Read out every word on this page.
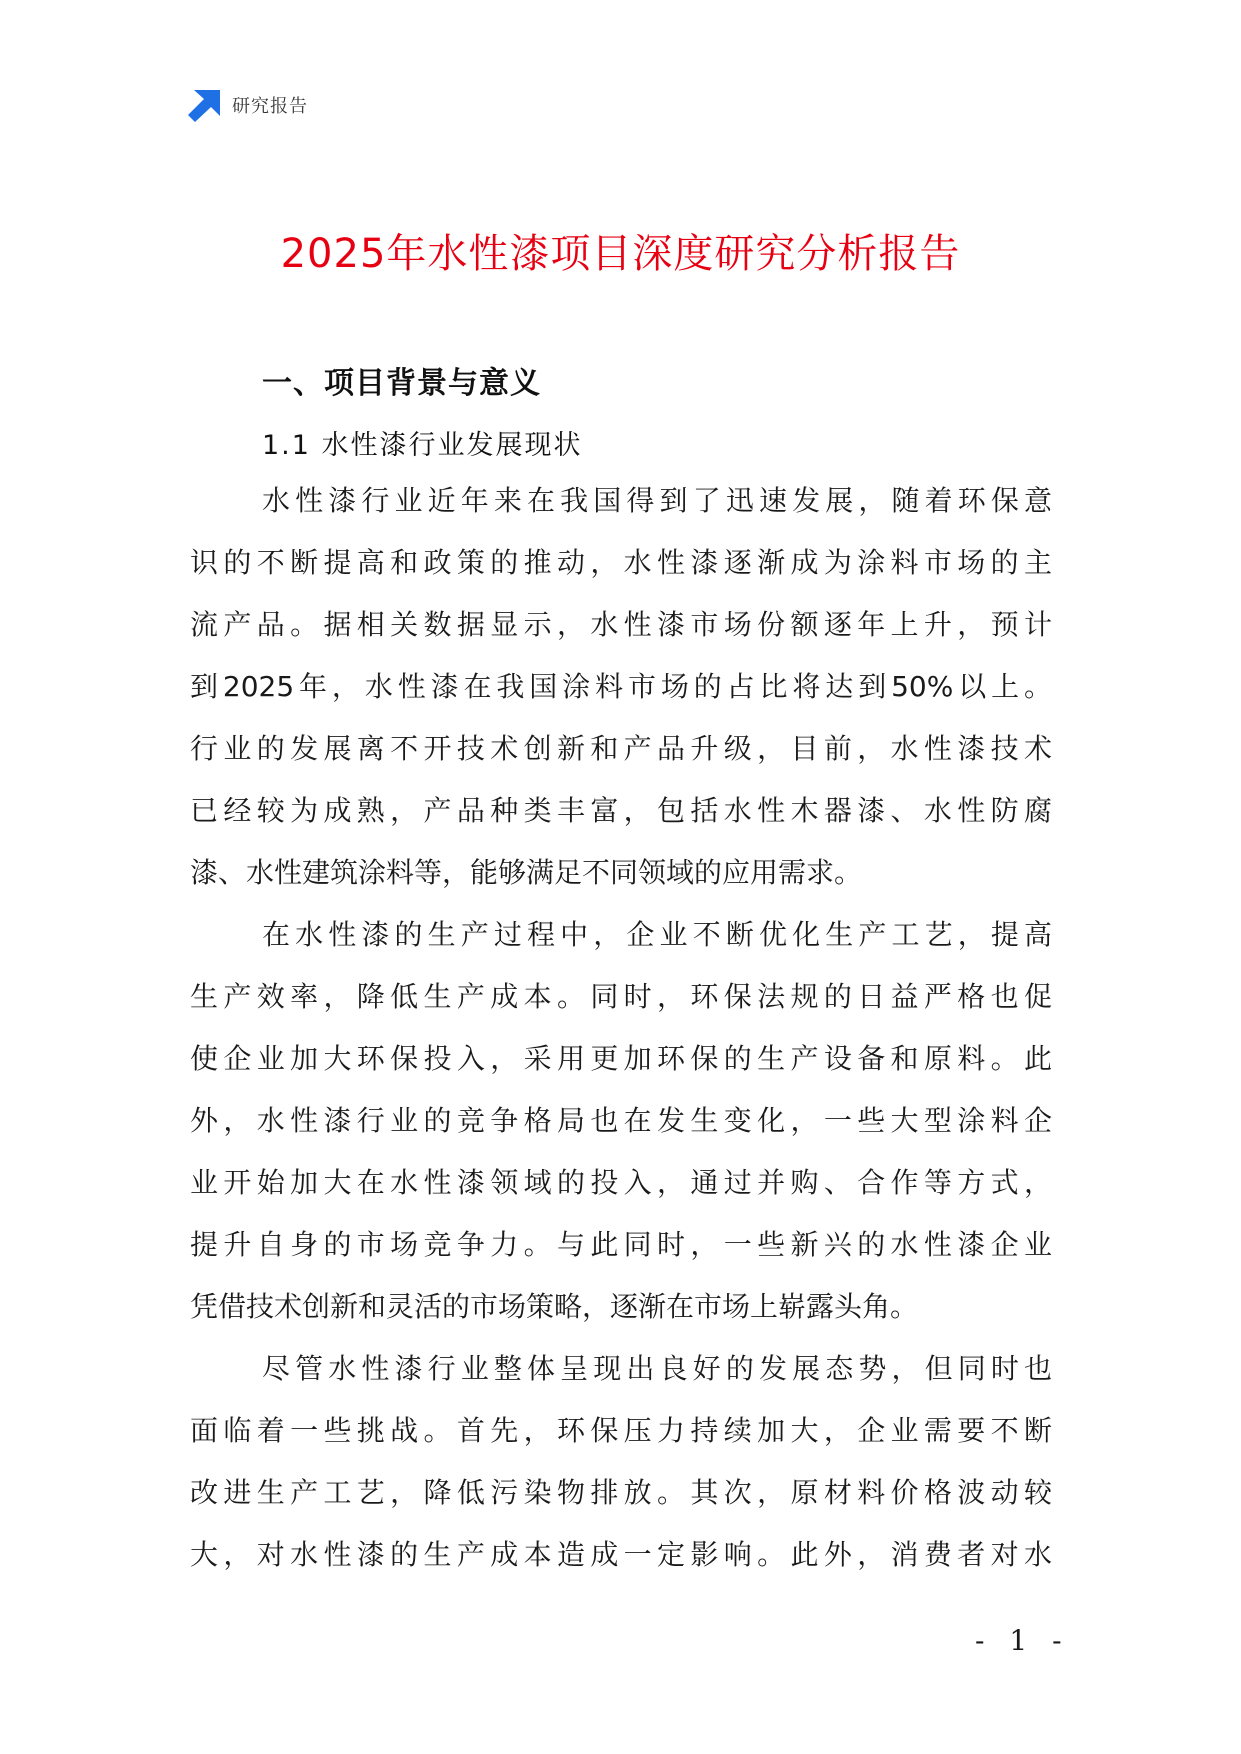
研究报告
2025年水性漆项目深度研究分析报告
一、项目背景与意义
1.1 水性漆行业发展现状
水性漆行业近年来在我国得到了迅速发展，随着环保意
识的不断提高和政策的推动，水性漆逐渐成为涂料市场的主
流产品。据相关数据显示，水性漆市场份额逐年上升，预计
到2025年，水性漆在我国涂料市场的占比将达到50%以上。
行业的发展离不开技术创新和产品升级，目前，水性漆技术
已经较为成熟，产品种类丰富，包括水性木器漆、水性防腐
漆、水性建筑涂料等，能够满足不同领域的应用需求。
在水性漆的生产过程中，企业不断优化生产工艺，提高
生产效率，降低生产成本。同时，环保法规的日益严格也促
使企业加大环保投入，采用更加环保的生产设备和原料。此
外，水性漆行业的竞争格局也在发生变化，一些大型涂料企
业开始加大在水性漆领域的投入，通过并购、合作等方式，
提升自身的市场竞争力。与此同时，一些新兴的水性漆企业
凭借技术创新和灵活的市场策略，逐渐在市场上崭露头角。
尽管水性漆行业整体呈现出良好的发展态势，但同时也
面临着一些挑战。首先，环保压力持续加大，企业需要不断
改进生产工艺，降低污染物排放。其次，原材料价格波动较
大，对水性漆的生产成本造成一定影响。此外，消费者对水
- 1 -
